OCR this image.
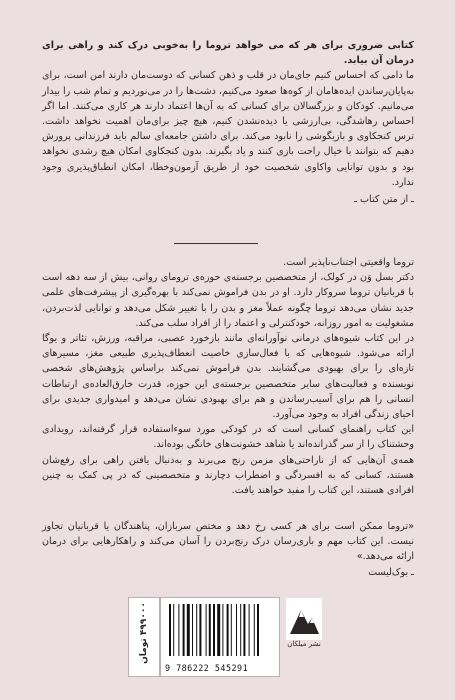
کتابی ضروری برای هر که می خواهد تروما را به‌خوبی درک کند و راهی برای درمان آن بیابد.
ما دامی که احساس کنیم جای‌مان در قلب و ذهن کسانی که دوست‌مان دارند امن است، برای به‌پایان‌رساندن ایده‌هامان از کوه‌ها صعود می‌کنیم، دشت‌ها را در می‌نوردیم و تمام شب را بیدار می‌مانیم. کودکان و بزرگسالان برای کسانی که به آن‌ها اعتماد دارند هر کاری می‌کنند. اما اگر احساس رهاشدگی، بی‌ارزشی یا دیده‌نشدن کنیم، هیچ چیز برای‌مان اهمیت نخواهد داشت. ترس کنجکاوی و بازیگوشی را نابود می‌کند. برای داشتن جامعه‌ای سالم باید فرزندانی پرورش دهیم که بتوانند با خیال راحت بازی کنند و یاد بگیرند. بدون کنجکاوی امکان هیچ رشدی نخواهد بود و بدون توانایی واکاوی شخصیت خود از طریق آزمون‌وخطا، امکان انطباق‌پذیری وجود ندارد.
ـ از متن کتاب ـ
تروما واقعیتی اجتناب‌ناپذیر است.
دکتر بسل وَن در کولک، از متخصصین برجسته‌ی حوزه‌ی ترومای روانی، بیش از سه دهه است با قربانیان تروما سروکار دارد. او در بدن فراموش نمی‌کند با بهره‌گیری از پیشرفت‌های علمی جدید نشان می‌دهد تروما چگونه عملاً مغز و بدن را با تغییر شکل می‌دهد و توانایی لذت‌بردن، مشغولیت به امور روزانه، خودکنترلی و اعتماد را از افراد سلب می‌کند.
در این کتاب شیوه‌های درمانی نوآورانه‌ای مانند بازخورد عصبی، مراقبه، ورزش، تئاتر و یوگا ارائه می‌شود. شیوه‌هایی که با فعال‌سازی خاصیت انعطاف‌پذیری طبیعی مغز، مسیرهای تازه‌ای را برای بهبودی می‌گشایند. بدن فراموش نمی‌کند براساس پژوهش‌های شخصی نویسنده و فعالیت‌های سایر متخصصین برجسته‌ی این حوزه، قدرت خارق‌العاده‌ی ارتباطات انسانی را هم برای آسیب‌رساندن و هم برای بهبودی نشان می‌دهد و امیدواری جدیدی برای احیای زندگی افراد به وجود می‌آورد.
این کتاب راهنمای کسانی است که در کودکی مورد سوءاستفاده قرار گرفته‌اند، رویدادی وحشتناک را از سر گذرانده‌اند یا شاهد خشونت‌های خانگی بوده‌اند.
همه‌ی آن‌هایی که از ناراحتی‌های مزمن رنج می‌برند و به‌دنبال یافتن راهی برای رفع‌شان هستند، کسانی که به افسردگی و اضطراب دچارند و متخصصینی که در پی کمک به چنین افرادی هستند، این کتاب را مفید خواهند یافت.
«تروما ممکن است برای هر کسی رخ دهد و مختص سربازان، پناهندگان یا قربانیان تجاوز نیست. این کتاب مهم و باری‌رسان درک رنج‌بردن را آسان می‌کند و راهکارهایی برای درمان ارائه می‌دهد.»
ـ بوک‌لیست
۴۹۹۰۰۰ تومان
9 786222 545291
نشر میلکان
